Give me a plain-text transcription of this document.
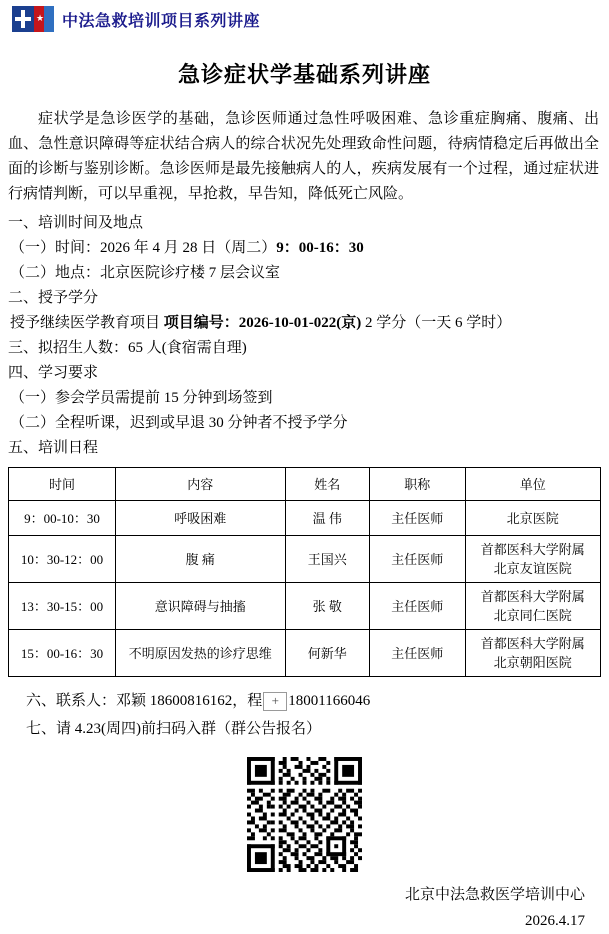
★ 中法急救培训项目系列讲座
急诊症状学基础系列讲座

症状学是急诊医学的基础，急诊医师通过急性呼吸困难、急诊重症胸痛、腹痛、出血、急性意识障碍等症状结合病人的综合状况先处理致命性问题，待病情稳定后再做出全面的诊断与鉴别诊断。急诊医师是最先接触病人的人，疾病发展有一个过程，通过症状进行病情判断，可以早重视，早抢救，早告知，降低死亡风险。

一、培训时间及地点

（一）时间：2026 年 4 月 28 日（周二）9：00-16：30

（二）地点：北京医院诊疗楼 7 层会议室

二、授予学分

授予继续医学教育项目 项目编号：2026-10-01-022(京) 2 学分（一天 6 学时）

三、拟招生人数：65 人(食宿需自理)

四、学习要求

（一）参会学员需提前 15 分钟到场签到

（二）全程听课，迟到或早退 30 分钟者不授予学分

五、培训日程

时间	内容	姓名	职称	单位
9：00-10：30	呼吸困难	温 伟	主任医师	北京医院

10：30-12：00	腹 痛	王国兴	主任医师	首都医科大学附属
北京友谊医院

13：30-15：00	意识障碍与抽搐	张 敬	主任医师	首都医科大学附属
北京同仁医院

15：00-16：30	不明原因发热的诊疗思维	何新华	主任医师	首都医科大学附属
北京朝阳医院

六、联系人：邓颖 18600816162，程 + 18001166046

七、请 4.23(周四)前扫码入群（群公告报名）

北京中法急救医学培训中心
2026.4.17
